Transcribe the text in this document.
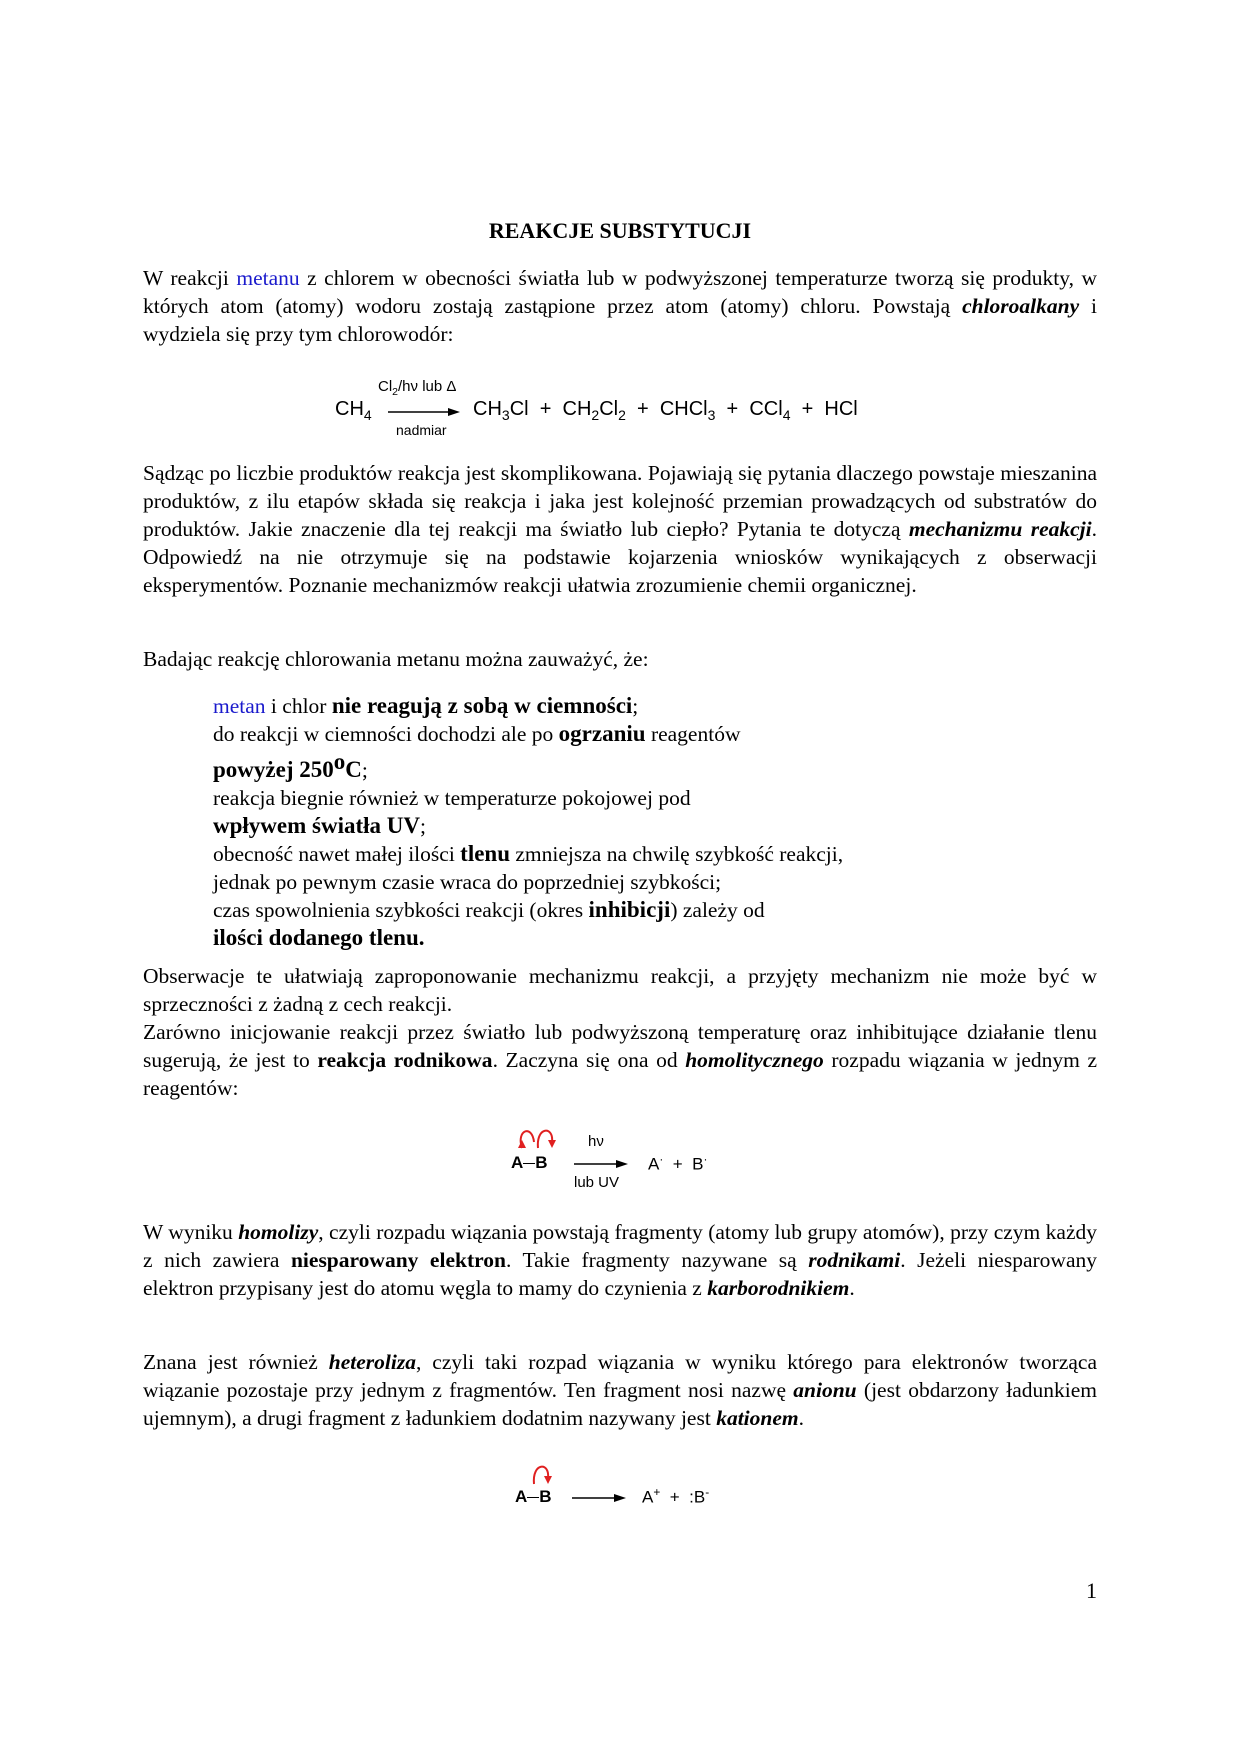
REAKCJE SUBSTYTUCJI
W reakcji metanu z chlorem w obecności światła lub w podwyższonej temperaturze tworzą się produkty, w których atom (atomy) wodoru zostają zastąpione przez atom (atomy) chloru. Powstają chloroalkany i wydziela się przy tym chlorowodór:
$CH_4$
$Cl_2/h\nu$ lub Δ
nadmiar
$CH_3Cl + CH_2Cl_2$ + CHCl$_3$ + CCl$_4$ + HCl
Sądząc po liczbie produktów reakcja jest skomplikowana. Pojawiają się pytania dlaczego powstaje mieszanina produktów, z ilu etapów składa się reakcja i jaka jest kolejność przemian prowadzących od substratów do produktów. Jakie znaczenie dla tej reakcji ma światło lub ciepło? Pytania te dotyczą mechanizmu reakcji. Odpowiedź na nie otrzymuje się na podstawie kojarzenia wniosków wynikających z obserwacji eksperymentów. Poznanie mechanizmów reakcji ułatwia zrozumienie chemii organicznej.
Badając reakcję chlorowania metanu można zauważyć, że:
metan i chlor nie reagują z sobą w ciemności;
do reakcji w ciemności dochodzi ale po ogrzaniu reagentów
powyżej 250$^o$C;
reakcja biegnie również w temperaturze pokojowej pod
wpływem światła UV;
obecność nawet małej ilości tlenu zmniejsza na chwilę szybkość reakcji,
jednak po pewnym czasie wraca do poprzedniej szybkości;
czas spowolnienia szybkości reakcji (okres inhibicji) zależy od
ilości dodanego tlenu.
Obserwacje te ułatwiają zaproponowanie mechanizmu reakcji, a przyjęty mechanizm nie może być w sprzeczności z żadną z cech reakcji.
Zarówno inicjowanie reakcji przez światło lub podwyższoną temperaturę oraz inhibitujące działanie tlenu sugerują, że jest to reakcja rodnikowa. Zaczyna się ona od homolitycznego rozpadu wiązania w jednym z reagentów:
A B
hν
lub UV
A· + B·
W wyniku homolizy, czyli rozpadu wiązania powstają fragmenty (atomy lub grupy atomów), przy czym każdy z nich zawiera niesparowany elektron. Takie fragmenty nazywane są rodnikami. Jeżeli niesparowany elektron przypisany jest do atomu węgla to mamy do czynienia z karborodnikiem.
Znana jest również heteroliza, czyli taki rozpad wiązania w wyniku którego para elektronów tworząca wiązanie pozostaje przy jednym z fragmentów. Ten fragment nosi nazwę anionu (jest obdarzony ładunkiem ujemnym), a drugi fragment z ładunkiem dodatnim nazywany jest kationem.
A B → A+ + :B-
1
